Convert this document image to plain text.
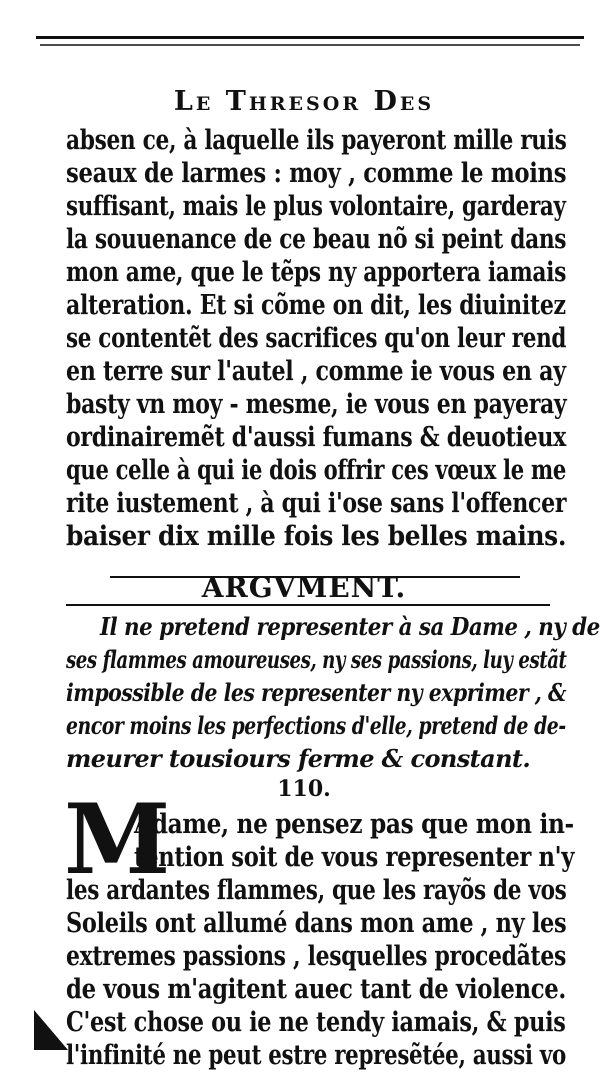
Le Thresor Des
absen ce, à laquelle ils payeront mille ruis
seaux de larmes : moy , comme le moins
suffisant, mais le plus volontaire, garderay
la souuenance de ce beau nõ si peint dans
mon ame, que le tẽps ny apportera iamais
alteration. Et si cõme on dit, les diuinitez
se contentẽt des sacrifices qu'on leur rend
en terre sur l'autel , comme ie vous en ay
basty vn moy - mesme, ie vous en payeray
ordinairemẽt d'aussi fumans & deuotieux
que celle à qui ie dois offrir ces vœux le me
rite iustement , à qui i'ose sans l'offencer
baiser dix mille fois les belles mains.
ARGVMENT.
Il ne pretend representer à sa Dame , ny de
ses flammes amoureuses, ny ses passions, luy estãt
impossible de les representer ny exprimer , &
encor moins les perfections d'elle, pretend de de-
meurer tousiours ferme & constant.
110.
M
Adame, ne pensez pas que mon in-
tention soit de vous representer n'y
les ardantes flammes, que les rayõs de vos
Soleils ont allumé dans mon ame , ny les
extremes passions , lesquelles procedãtes
de vous m'agitent auec tant de violence.
C'est chose ou ie ne tendy iamais, & puis
l'infinité ne peut estre represẽtée, aussi vo
